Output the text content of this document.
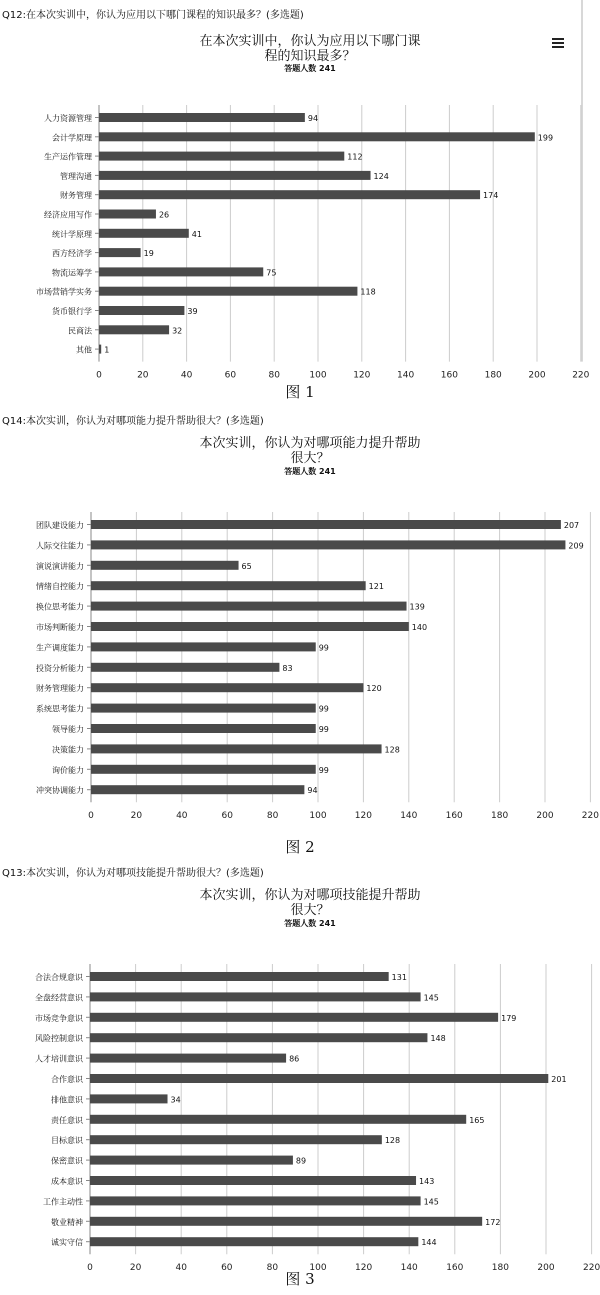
Q12:在本次实训中，你认为应用以下哪门课程的知识最多？(多选题)
在本次实训中，你认为应用以下哪门课
程的知识最多？
答题人数 241
0	20	40	60	80	100	120	140	160	180	200	220
人力资源管理	94
会计学原理	199
生产运作管理	112
管理沟通	124
财务管理	174
经济应用写作	26
统计学原理	41
西方经济学	19
物流运筹学	75
市场营销学实务	118
货币银行学	39
民商法	32
其他 1
图 1
Q14:本次实训，你认为对哪项能力提升帮助很大？(多选题)
本次实训，你认为对哪项能力提升帮助
很大？
答题人数 241
0	20	40	60	80	100	120	140	160	180	200	220
团队建设能力	207
人际交往能力	209
演说演讲能力	65
情绪自控能力	121
换位思考能力	139
市场判断能力	140
生产调度能力	99
投资分析能力	83
财务管理能力	120
系统思考能力	99
领导能力	99
决策能力	128
询价能力	99
冲突协调能力	94
图 2
Q13:本次实训，你认为对哪项技能提升帮助很大？(多选题)
本次实训，你认为对哪项技能提升帮助
很大？
答题人数 241
0	20	40	60	80	100	120	140	160	180	200	220
合法合规意识	131
全盘经营意识	145
市场竞争意识	179
风险控制意识	148
人才培训意识	86
合作意识	201
排他意识	34
责任意识	165
目标意识	128
保密意识	89
成本意识	143
工作主动性	145
敬业精神	172
诚实守信	144
图 3
